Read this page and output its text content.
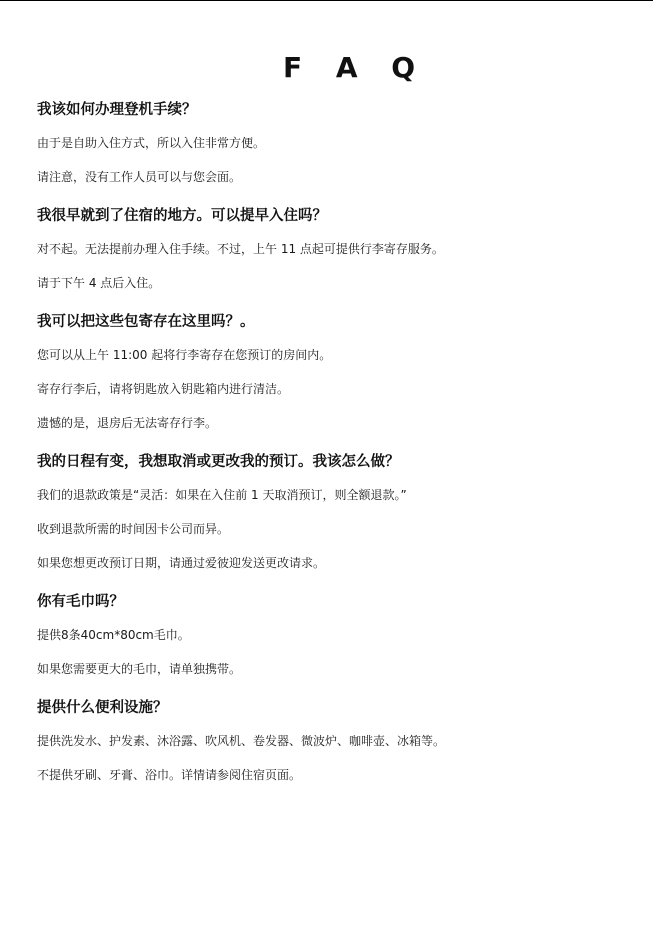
F A Q
我该如何办理登机手续？

由于是自助入住方式，所以入住非常方便。

请注意，没有工作人员可以与您会面。

我很早就到了住宿的地方。可以提早入住吗？

对不起。无法提前办理入住手续。不过，上午 11 点起可提供行李寄存服务。

请于下午 4 点后入住。

我可以把这些包寄存在这里吗？。

您可以从上午 11:00 起将行李寄存在您预订的房间内。

寄存行李后，请将钥匙放入钥匙箱内进行清洁。

遗憾的是，退房后无法寄存行李。

我的日程有变，我想取消或更改我的预订。我该怎么做？

我们的退款政策是“灵活：如果在入住前 1 天取消预订，则全额退款。”

收到退款所需的时间因卡公司而异。

如果您想更改预订日期，请通过爱彼迎发送更改请求。

你有毛巾吗？

提供8条40cm*80cm毛巾。

如果您需要更大的毛巾，请单独携带。

提供什么便利设施？

提供洗发水、护发素、沐浴露、吹风机、卷发器、微波炉、咖啡壶、冰箱等。

不提供牙刷、牙膏、浴巾。详情请参阅住宿页面。
